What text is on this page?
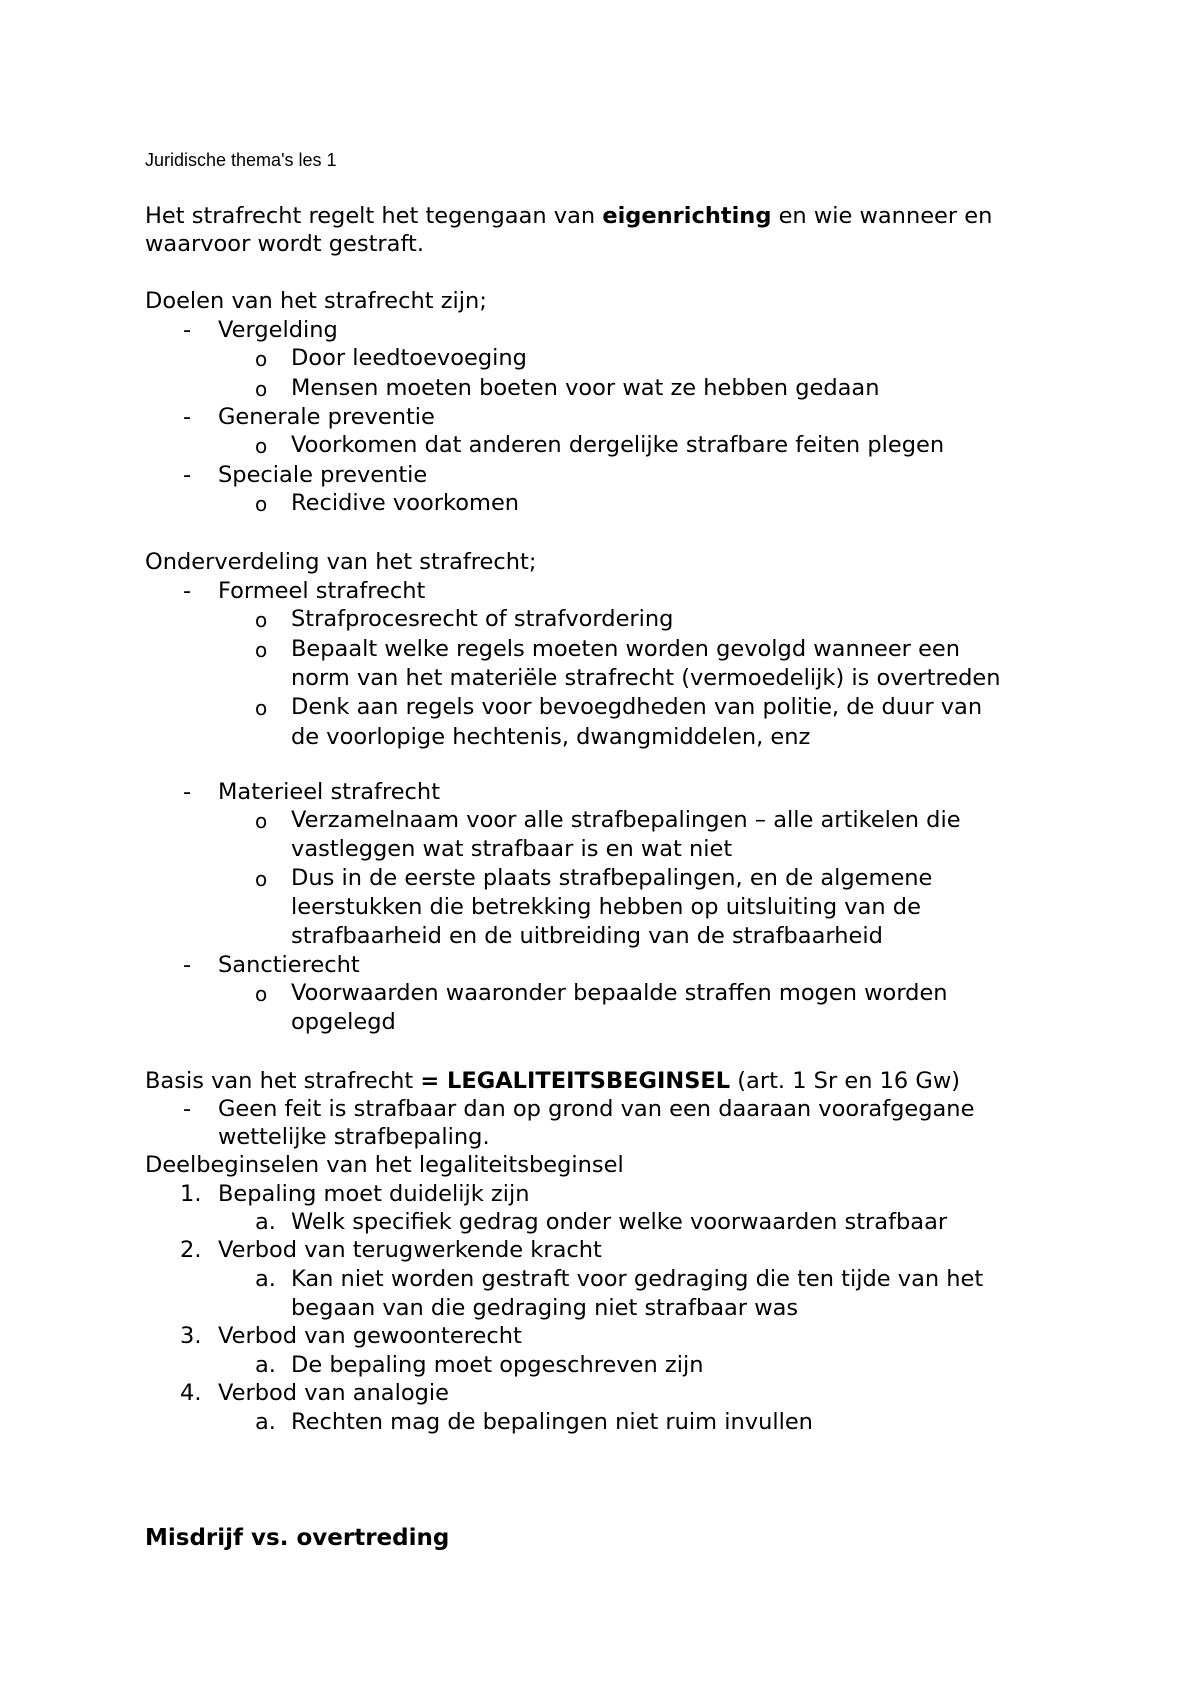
Juridische thema's les 1
Het strafrecht regelt het tegengaan van eigenrichting en wie wanneer en
waarvoor wordt gestraft.
Doelen van het strafrecht zijn;
- Vergelding
o Door leedtoevoeging
o Mensen moeten boeten voor wat ze hebben gedaan
- Generale preventie
o Voorkomen dat anderen dergelijke strafbare feiten plegen
- Speciale preventie
o Recidive voorkomen
Onderverdeling van het strafrecht;
- Formeel strafrecht
o Strafprocesrecht of strafvordering
o Bepaalt welke regels moeten worden gevolgd wanneer een
norm van het materiële strafrecht (vermoedelijk) is overtreden
o Denk aan regels voor bevoegdheden van politie, de duur van
de voorlopige hechtenis, dwangmiddelen, enz
- Materieel strafrecht
o Verzamelnaam voor alle strafbepalingen – alle artikelen die
vastleggen wat strafbaar is en wat niet
o Dus in de eerste plaats strafbepalingen, en de algemene
leerstukken die betrekking hebben op uitsluiting van de
strafbaarheid en de uitbreiding van de strafbaarheid
- Sanctierecht
o Voorwaarden waaronder bepaalde straffen mogen worden
opgelegd
Basis van het strafrecht = LEGALITEITSBEGINSEL (art. 1 Sr en 16 Gw)
- Geen feit is strafbaar dan op grond van een daaraan voorafgegane
wettelijke strafbepaling.
Deelbeginselen van het legaliteitsbeginsel
1. Bepaling moet duidelijk zijn
a. Welk specifiek gedrag onder welke voorwaarden strafbaar
2. Verbod van terugwerkende kracht
a. Kan niet worden gestraft voor gedraging die ten tijde van het
begaan van die gedraging niet strafbaar was
3. Verbod van gewoonterecht
a. De bepaling moet opgeschreven zijn
4. Verbod van analogie
a. Rechten mag de bepalingen niet ruim invullen
Misdrijf vs. overtreding
